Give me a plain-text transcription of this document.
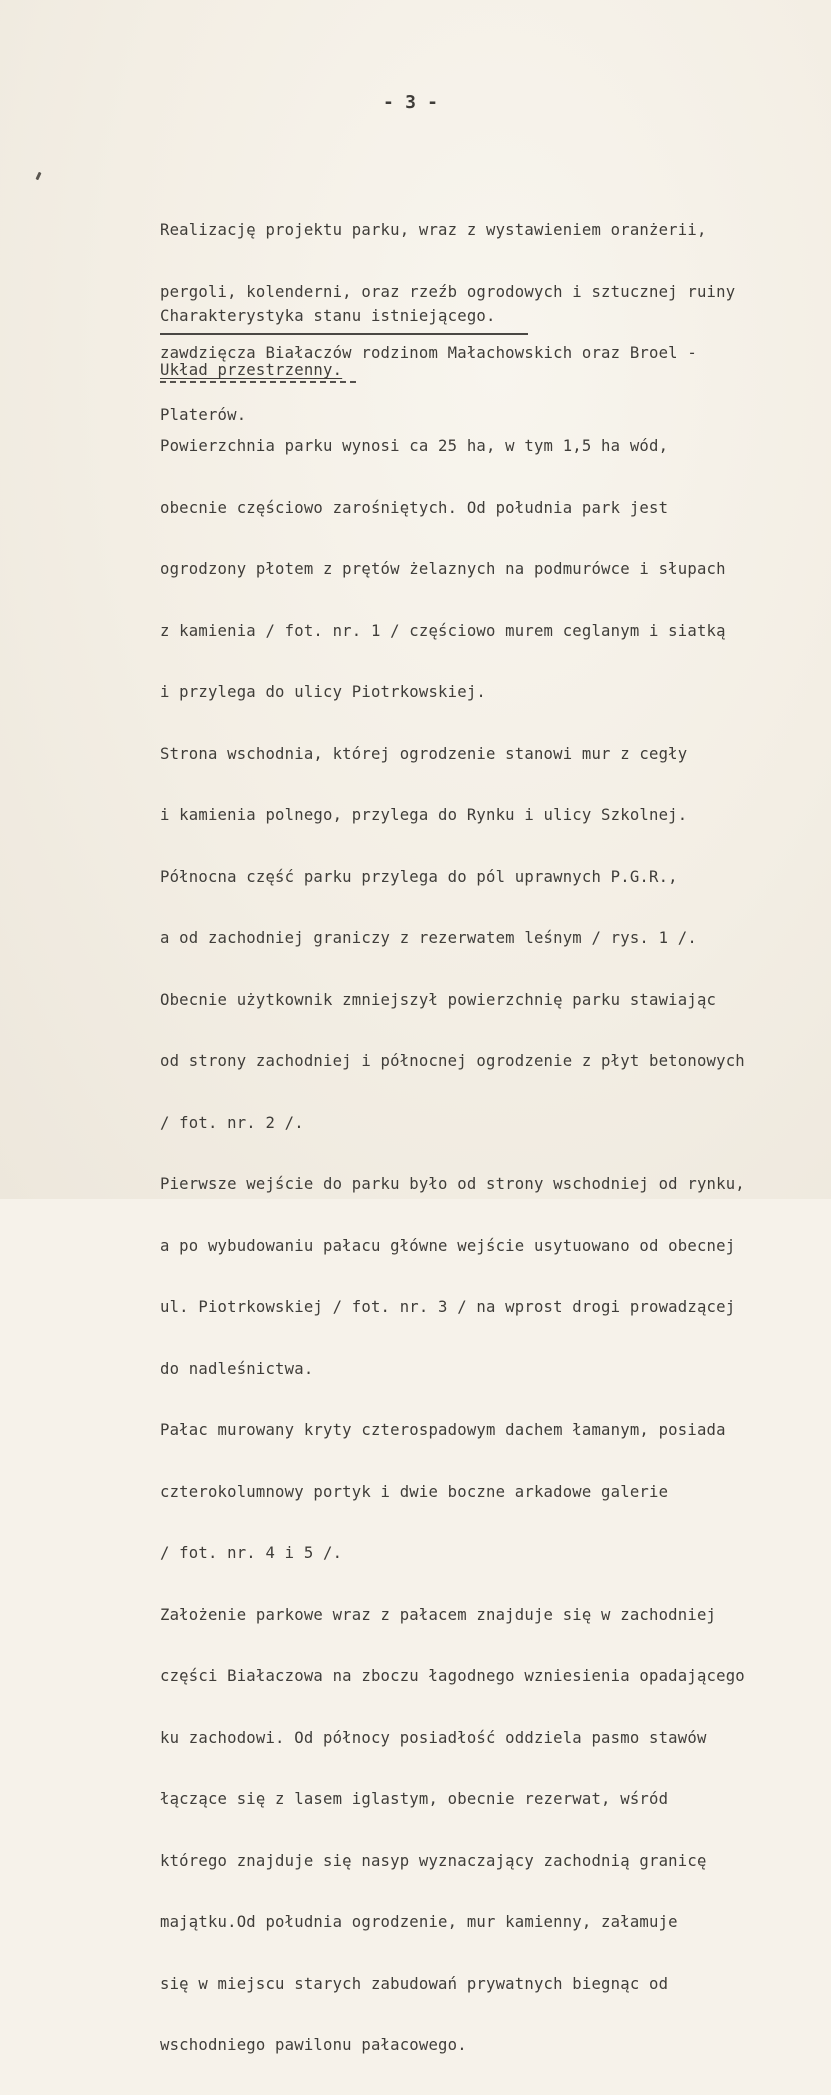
- 3 -

Realizację projektu parku, wraz z wystawieniem oranżerii,

pergoli, kolenderni, oraz rzeźb ogrodowych i sztucznej ruiny

zawdzięcza Białaczów rodzinom Małachowskich oraz Broel -

Platerów.

Charakterystyka stanu istniejącego.
Układ przestrzenny.

Powierzchnia parku wynosi ca 25 ha, w tym 1,5 ha wód,

obecnie częściowo zarośniętych. Od południa park jest

ogrodzony płotem z prętów żelaznych na podmurówce i słupach

z kamienia / fot. nr. 1 / częściowo murem ceglanym i siatką

i przylega do ulicy Piotrkowskiej.

Strona wschodnia, której ogrodzenie stanowi mur z cegły

i kamienia polnego, przylega do Rynku i ulicy Szkolnej.

Północna część parku przylega do pól uprawnych P.G.R.,

a od zachodniej graniczy z rezerwatem leśnym / rys. 1 /.

Obecnie użytkownik zmniejszył powierzchnię parku stawiając

od strony zachodniej i północnej ogrodzenie z płyt betonowych

/ fot. nr. 2 /.

Pierwsze wejście do parku było od strony wschodniej od rynku,

a po wybudowaniu pałacu główne wejście usytuowano od obecnej

ul. Piotrkowskiej / fot. nr. 3 / na wprost drogi prowadzącej

do nadleśnictwa.

Pałac murowany kryty czterospadowym dachem łamanym, posiada

czterokolumnowy portyk i dwie boczne arkadowe galerie

/ fot. nr. 4 i 5 /.

Założenie parkowe wraz z pałacem znajduje się w zachodniej

części Białaczowa na zboczu łagodnego wzniesienia opadającego

ku zachodowi. Od północy posiadłość oddziela pasmo stawów

łączące się z lasem iglastym, obecnie rezerwat, wśród

którego znajduje się nasyp wyznaczający zachodnią granicę

majątku.Od południa ogrodzenie, mur kamienny, załamuje

się w miejscu starych zabudowań prywatnych biegnąc od

wschodniego pawilonu pałacowego.
